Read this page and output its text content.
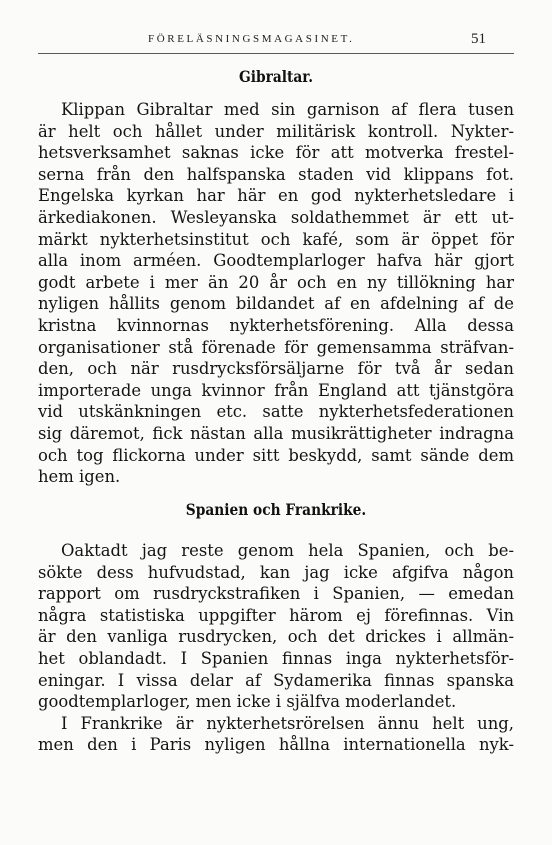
FÖRELÄSNINGSMAGASINET.	51
Gibraltar.
Klippan Gibraltar med sin garnison af flera tusen
är helt och hållet under militärisk kontroll. Nykter-
hetsverksamhet saknas icke för att motverka frestel-
serna från den halfspanska staden vid klippans fot.
Engelska kyrkan har här en god nykterhetsledare i
ärkediakonen. Wesleyanska soldathemmet är ett ut-
märkt nykterhetsinstitut och kafé, som är öppet för
alla inom arméen. Goodtemplarloger hafva här gjort
godt arbete i mer än 20 år och en ny tillökning har
nyligen hållits genom bildandet af en afdelning af de
kristna kvinnornas nykterhetsförening. Alla dessa
organisationer stå förenade för gemensamma sträfvan-
den, och när rusdrycksförsäljarne för två år sedan
importerade unga kvinnor från England att tjänstgöra
vid utskänkningen etc. satte nykterhetsfederationen
sig däremot, fick nästan alla musikrättigheter indragna
och tog flickorna under sitt beskydd, samt sände dem
hem igen.
Spanien och Frankrike.
Oaktadt jag reste genom hela Spanien, och be-
sökte dess hufvudstad, kan jag icke afgifva någon
rapport om rusdryckstrafiken i Spanien, — emedan
några statistiska uppgifter härom ej förefinnas. Vin
är den vanliga rusdrycken, och det drickes i allmän-
het oblandadt. I Spanien finnas inga nykterhetsför-
eningar. I vissa delar af Sydamerika finnas spanska
goodtemplarloger, men icke i själfva moderlandet.
I Frankrike är nykterhetsrörelsen ännu helt ung,
men den i Paris nyligen hållna internationella nyk-
